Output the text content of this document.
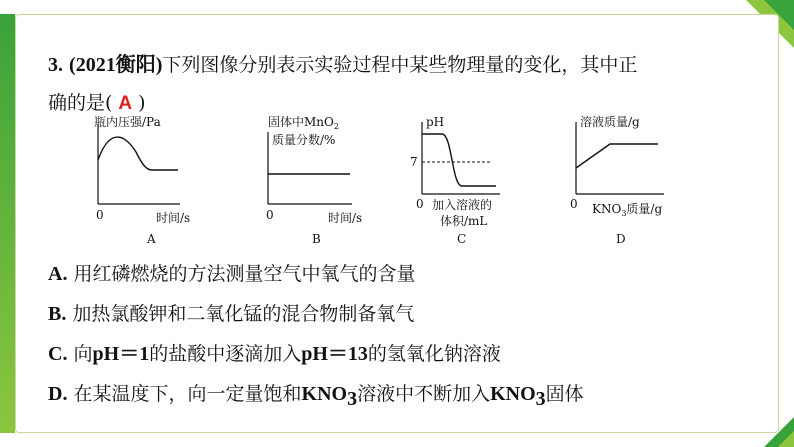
3. (2021衡阳)下列图像分别表示实验过程中某些物理量的变化，其中正
确的是( A )
瓶内压强/Pa
0	时间/s
A
固体中MnO$_2$
质量分数/%
0	时间/s
B
pH
7
0 加入溶液的
体积/mL
C
溶液质量/g
0 $KNO_3$质量/g
D
A. 用红磷燃烧的方法测量空气中氧气的含量
B. 加热氯酸钾和二氧化锰的混合物制备氧气
C. 向pH＝1的盐酸中逐滴加入pH＝13的氢氧化钠溶液
D. 在某温度下，向一定量饱和$KNO_3$溶液中不断加入$KNO_3$固体
